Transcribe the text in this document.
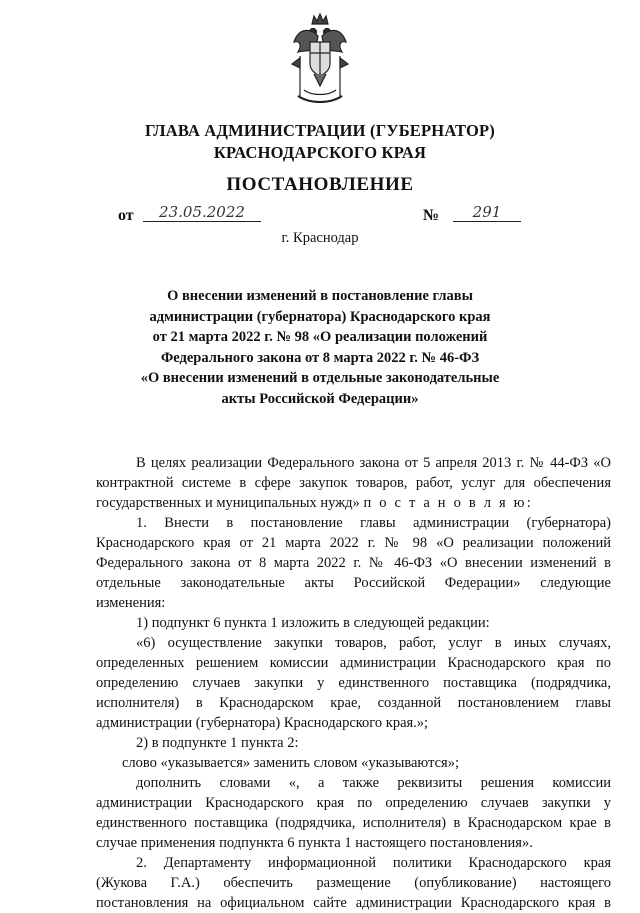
ГЛАВА АДМИНИСТРАЦИИ (ГУБЕРНАТОР)
КРАСНОДАРСКОГО КРАЯ
ПОСТАНОВЛЕНИЕ
от	23.05.2022	№	291
г. Краснодар
О внесении изменений в постановление главы
администрации (губернатора) Краснодарского края
от 21 марта 2022 г. № 98 «О реализации положений
Федерального закона от 8 марта 2022 г. № 46-ФЗ
«О внесении изменений в отдельные законодательные
акты Российской Федерации»

В целях реализации Федерального закона от 5 апреля 2013 г. № 44-ФЗ «О

контрактной системе в сфере закупок товаров, работ, услуг для обеспечения

государственных и муниципальных нужд» п о с т а н о в л я ю:

1. Внести в постановление главы администрации (губернатора)

Краснодарского края от 21 марта 2022 г. № 98 «О реализации положений

Федерального закона от 8 марта 2022 г. № 46-ФЗ «О внесении изменений в

отдельные законодательные акты Российской Федерации» следующие

изменения:

1) подпункт 6 пункта 1 изложить в следующей редакции:

«6) осуществление закупки товаров, работ, услуг в иных случаях,

определенных решением комиссии администрации Краснодарского края по

определению случаев закупки у единственного поставщика (подрядчика,

исполнителя) в Краснодарском крае, созданной постановлением главы

администрации (губернатора) Краснодарского края.»;

2) в подпункте 1 пункта 2:

слово «указывается» заменить словом «указываются»;

дополнить словами «, а также реквизиты решения комиссии

администрации Краснодарского края по определению случаев закупки у

единственного поставщика (подрядчика, исполнителя) в Краснодарском крае в

случае применения подпункта 6 пункта 1 настоящего постановления».

2. Департаменту информационной политики Краснодарского края

(Жукова Г.А.) обеспечить размещение (опубликование) настоящего

постановления на официальном сайте администрации Краснодарского края в
